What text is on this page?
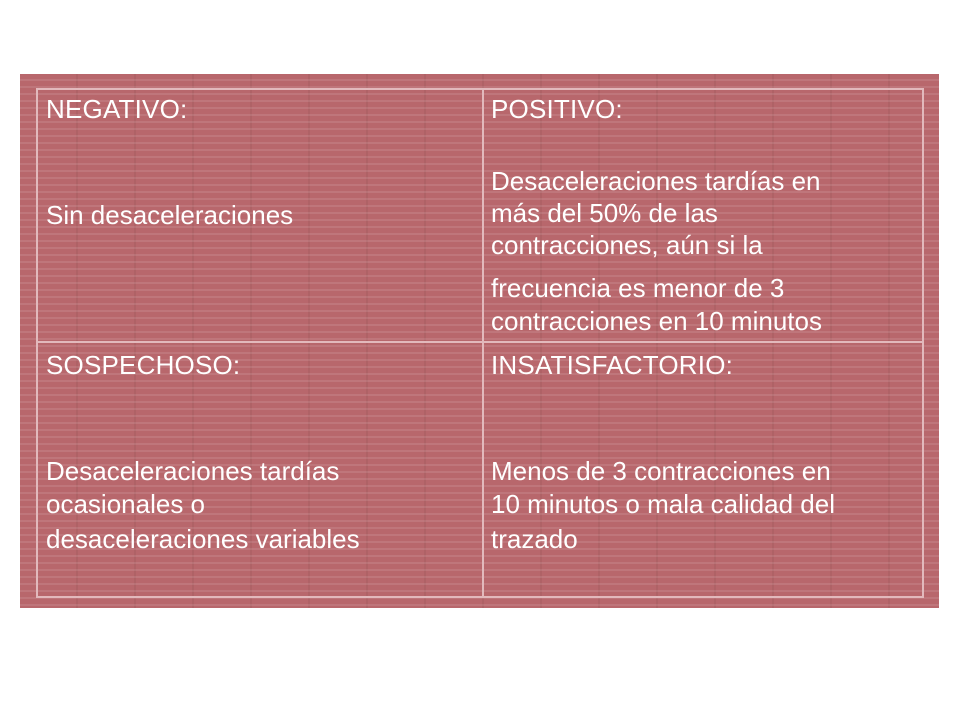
NEGATIVO:
Sin desaceleraciones
POSITIVO:
Desaceleraciones tardías en
más del 50% de las
contracciones, aún si la
frecuencia es menor de 3
contracciones en 10 minutos
SOSPECHOSO:
Desaceleraciones tardías
ocasionales o
desaceleraciones variables
INSATISFACTORIO:
Menos de 3 contracciones en
10 minutos o mala calidad del
trazado
